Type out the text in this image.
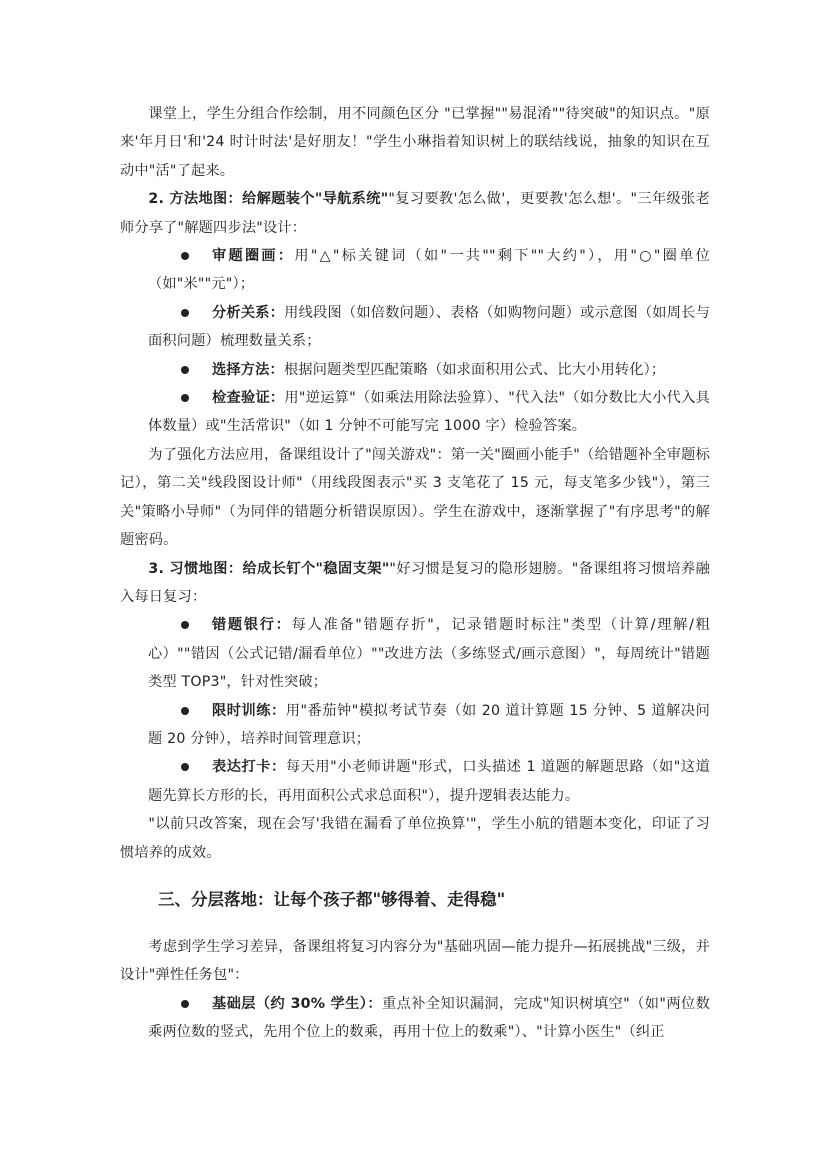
课堂上，学生分组合作绘制，用不同颜色区分 "已掌握""易混淆""待突破"的知识点。"原来'年月日'和'24 时计时法'是好朋友！"学生小琳指着知识树上的联结线说，抽象的知识在互动中"活"了起来。

2. 方法地图：给解题装个"导航系统""复习要教'怎么做'，更要教'怎么想'。"三年级张老师分享了"解题四步法"设计：

审题圈画：用"△"标关键词（如"一共""剩下""大约"），用"○"圈单位（如"米""元"）；

分析关系：用线段图（如倍数问题）、表格（如购物问题）或示意图（如周长与面积问题）梳理数量关系；

选择方法：根据问题类型匹配策略（如求面积用公式、比大小用转化）；

检查验证：用"逆运算"（如乘法用除法验算）、"代入法"（如分数比大小代入具体数量）或"生活常识"（如 1 分钟不可能写完 1000 字）检验答案。

为了强化方法应用，备课组设计了"闯关游戏"：第一关"圈画小能手"（给错题补全审题标记），第二关"线段图设计师"（用线段图表示"买 3 支笔花了 15 元，每支笔多少钱"），第三关"策略小导师"（为同伴的错题分析错误原因）。学生在游戏中，逐渐掌握了"有序思考"的解题密码。

3. 习惯地图：给成长钉个"稳固支架""好习惯是复习的隐形翅膀。"备课组将习惯培养融入每日复习：

错题银行：每人准备"错题存折"，记录错题时标注"类型（计算/理解/粗心）""错因（公式记错/漏看单位）""改进方法（多练竖式/画示意图）"，每周统计"错题类型 TOP3"，针对性突破；

限时训练：用"番茄钟"模拟考试节奏（如 20 道计算题 15 分钟、5 道解决问题 20 分钟），培养时间管理意识；

表达打卡：每天用"小老师讲题"形式，口头描述 1 道题的解题思路（如"这道题先算长方形的长，再用面积公式求总面积"），提升逻辑表达能力。

"以前只改答案，现在会写'我错在漏看了单位换算'"，学生小航的错题本变化，印证了习惯培养的成效。

三、分层落地：让每个孩子都"够得着、走得稳"

考虑到学生学习差异，备课组将复习内容分为"基础巩固—能力提升—拓展挑战"三级，并设计"弹性任务包"：

基础层（约 30% 学生）：重点补全知识漏洞，完成"知识树填空"（如"两位数乘两位数的竖式，先用个位上的数乘，再用十位上的数乘"）、"计算小医生"（纠正
